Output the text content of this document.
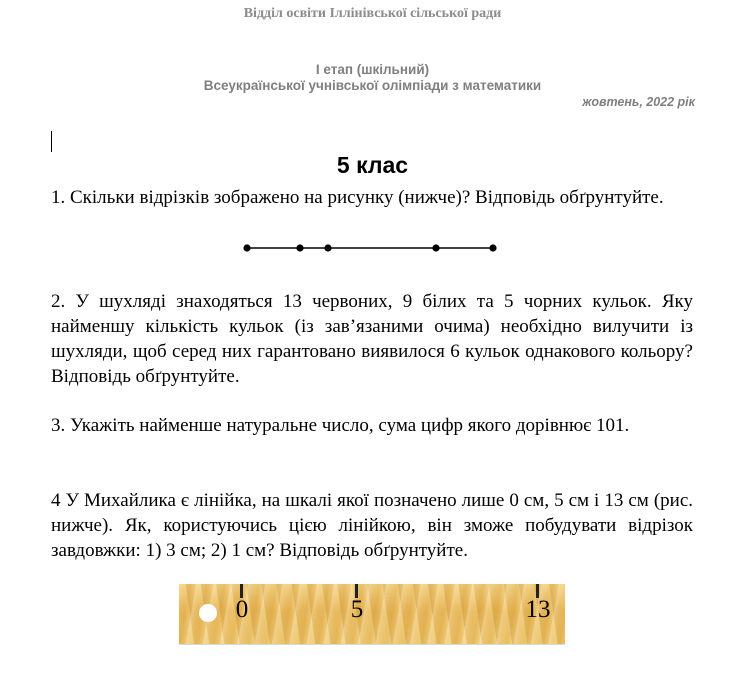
Відділ освіти Іллінівської сільської ради
І етап (шкільний)
Всеукраїнської учнівської олімпіади з математики
жовтень, 2022 рік
5 клас
1. Скільки відрізків зображено на рисунку (нижче)? Відповідь обґрунтуйте.
2. У шухляді знаходяться 13 червоних, 9 білих та 5 чорних кульок. Яку найменшу кількість кульок (із зав’язаними очима) необхідно вилучити із шухляди, щоб серед них гарантовано виявилося 6 кульок однакового кольору? Відповідь обґрунтуйте.
3. Укажіть найменше натуральне число, сума цифр якого дорівнює 101.
4 У Михайлика є лінійка, на шкалі якої позначено лише 0 см, 5 см і 13 см (рис. нижче). Як, користуючись цією лінійкою, він зможе побудувати відрізок завдовжки: 1) 3 см; 2) 1 см? Відповідь обґрунтуйте.
0	5	13
